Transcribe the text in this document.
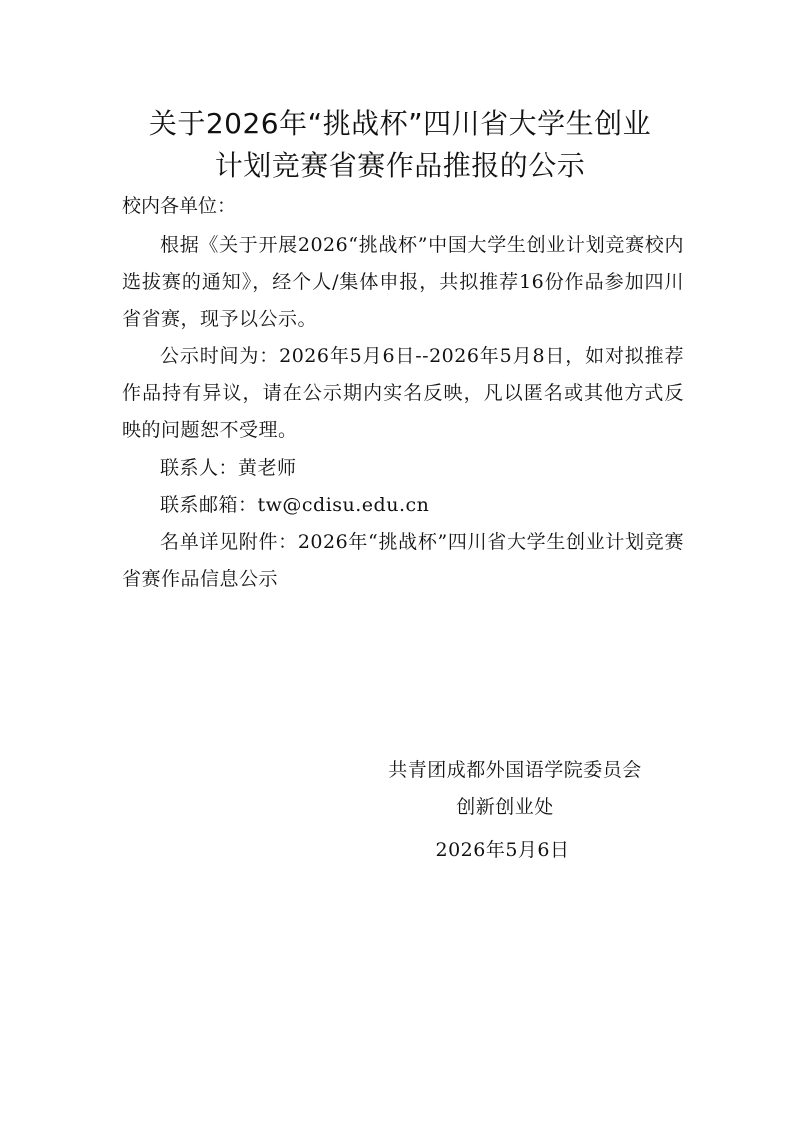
关于2026年“挑战杯”四川省大学生创业
计划竞赛省赛作品推报的公示
校内各单位：
根据《关于开展2026“挑战杯”中国大学生创业计划竞赛校内选拔赛的通知》，经个人/集体申报，共拟推荐16份作品参加四川省省赛，现予以公示。
公示时间为：2026年5月6日--2026年5月8日，如对拟推荐作品持有异议，请在公示期内实名反映，凡以匿名或其他方式反映的问题恕不受理。
联系人：黄老师
联系邮箱：tw@cdisu.edu.cn
名单详见附件：2026年“挑战杯”四川省大学生创业计划竞赛省赛作品信息公示
共青团成都外国语学院委员会
创新创业处
2026年5月6日
